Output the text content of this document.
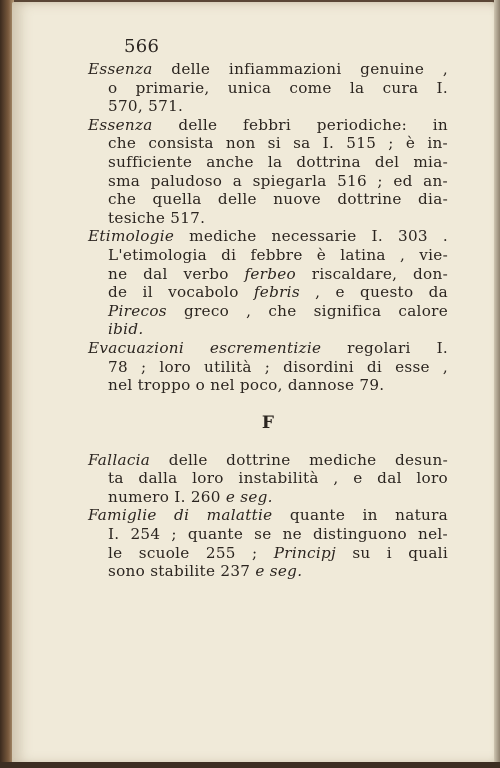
566
Essenza delle infiammazioni genuine ,
o primarie, unica come la cura I.
570, 571.
Essenza delle febbri periodiche: in
che consista non si sa I. 515 ; è in-
sufficiente anche la dottrina del mia-
sma paludoso a spiegarla 516 ; ed an-
che quella delle nuove dottrine dia-
tesiche 517.
Etimologie mediche necessarie I. 303 .
L'etimologia di febbre è latina , vie-
ne dal verbo ferbeo riscaldare, don-
de il vocabolo febris , e questo da
Pirecos greco , che significa calore
ibid.
Evacuazioni escrementizie regolari I.
78 ; loro utilità ; disordini di esse ,
nel troppo o nel poco, dannose 79.
F
Fallacia delle dottrine mediche desun-
ta dalla loro instabilità , e dal loro
numero I. 260 e seg.
Famiglie di malattie quante in natura
I. 254 ; quante se ne distinguono nel-
le scuole 255 ; Principj su i quali
sono stabilite 237 e seg.
